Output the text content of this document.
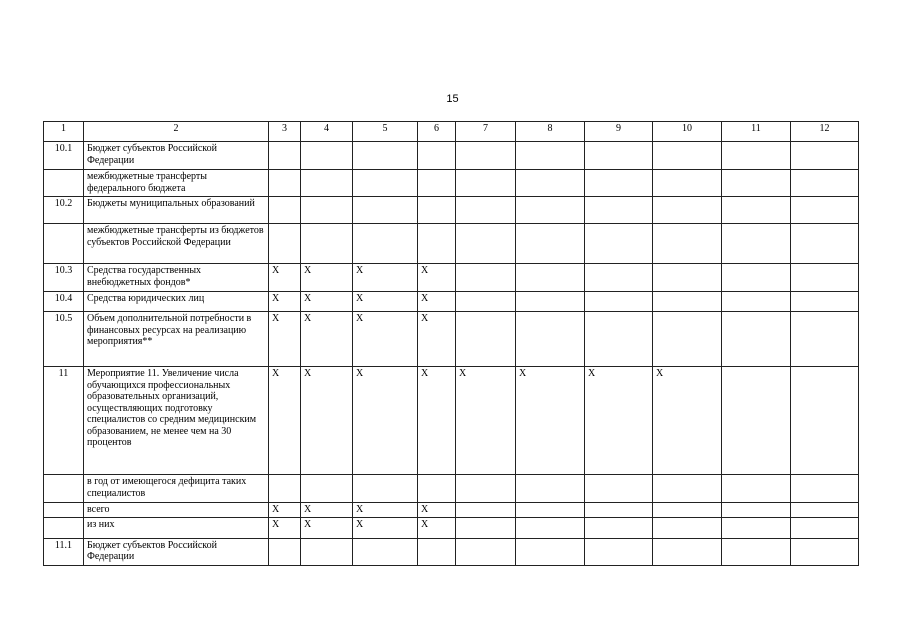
15
1	2	3	4	5	6	7	8	9	10	11	12
10.1	Бюджет субъектов Российской Федерации										
	межбюджетные трансферты федерального бюджета										
10.2	Бюджеты муниципальных образований										
	межбюджетные трансферты из бюджетов субъектов Российской Федерации										
10.3	Средства государственных внебюджетных фондов*	X	X	X	X						
10.4	Средства юридических лиц	X	X	X	X						
10.5	Объем дополнительной потребности в финансовых ресурсах на реализацию мероприятия**	X	X	X	X						
11	Мероприятие 11. Увеличение числа обучающихся профессиональных образовательных организаций, осуществляющих подготовку специалистов со средним медицинским образованием, не менее чем на 30 процентов	X	X	X	X	X	X	X	X		
	в год от имеющегося дефицита таких специалистов										
	всего	X	X	X	X						
	из них	X	X	X	X						
11.1	Бюджет субъектов Российской Федерации										
